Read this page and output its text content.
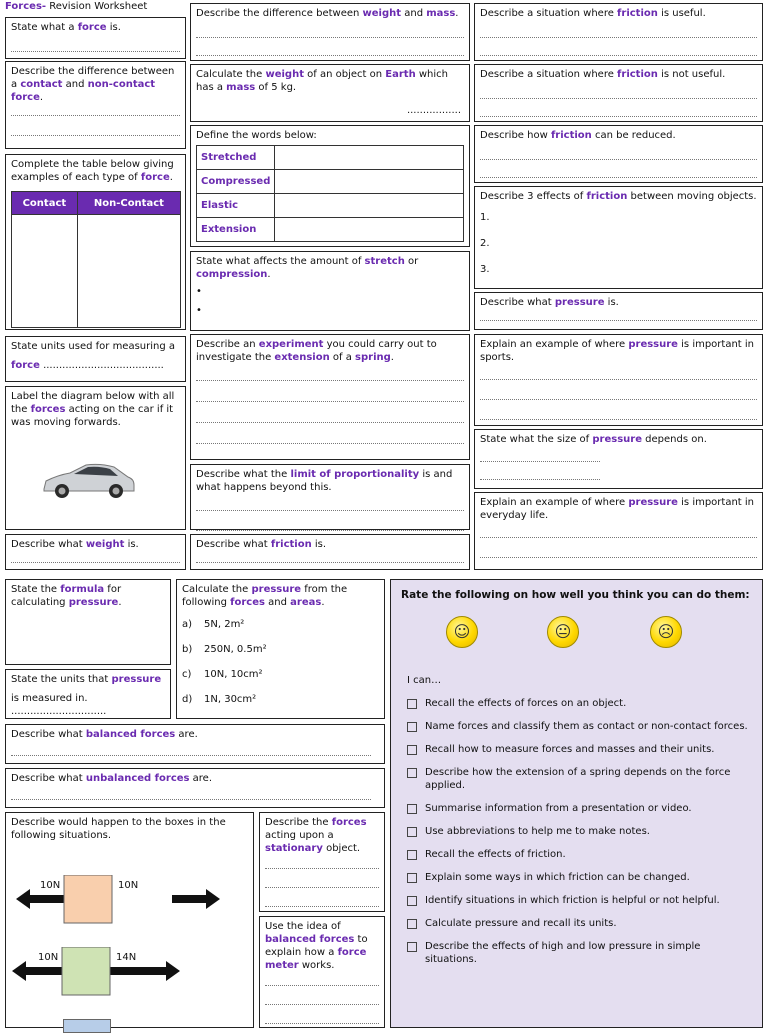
Forces- Revision Worksheet
State what a force is.
Describe the difference between a contact and non-contact force.
Complete the table below giving examples of each type of force.
Contact	Non-Contact

State units used for measuring a
force ......................................
Label the diagram below with all the forces acting on the car if it was moving forwards.
Describe what weight is.
Describe the difference between weight and mass.
Calculate the weight of an object on Earth which has a mass of 5 kg.
.................
Define the words below:
Stretched	
Compressed	
Elastic	
Extension	
State what affects the amount of stretch or compression.
•
•
Describe an experiment you could carry out to investigate the extension of a spring.
Describe what the limit of proportionality is and what happens beyond this.
Describe what friction is.
Describe a situation where friction is useful.
Describe a situation where friction is not useful.
Describe how friction can be reduced.
Describe 3 effects of friction between moving objects.
1.
2.
3.
Describe what pressure is.
Explain an example of where pressure is important in sports.
State what the size of pressure depends on.
Explain an example of where pressure is important in everyday life.
State the formula for calculating pressure.
State the units that pressure
is measured in. ..............................
Calculate the pressure from the following forces and areas.
a) 5N, 2m²
b) 250N, 0.5m²
c) 10N, 10cm²
d) 1N, 30cm²
Describe what balanced forces are.
Describe what unbalanced forces are.
Describe would happen to the boxes in the following situations.
10N	10N
10N	14N
Describe the forces acting upon a stationary object.
Use the idea of balanced forces to explain how a force meter works.
Rate the following on how well you think you can do them:
☺	😐	☹
I can…
Recall the effects of forces on an object.
Name forces and classify them as contact or non-contact forces.
Recall how to measure forces and masses and their units.
Describe how the extension of a spring depends on the force applied.
Summarise information from a presentation or video.
Use abbreviations to help me to make notes.
Recall the effects of friction.
Explain some ways in which friction can be changed.
Identify situations in which friction is helpful or not helpful.
Calculate pressure and recall its units.
Describe the effects of high and low pressure in simple situations.
